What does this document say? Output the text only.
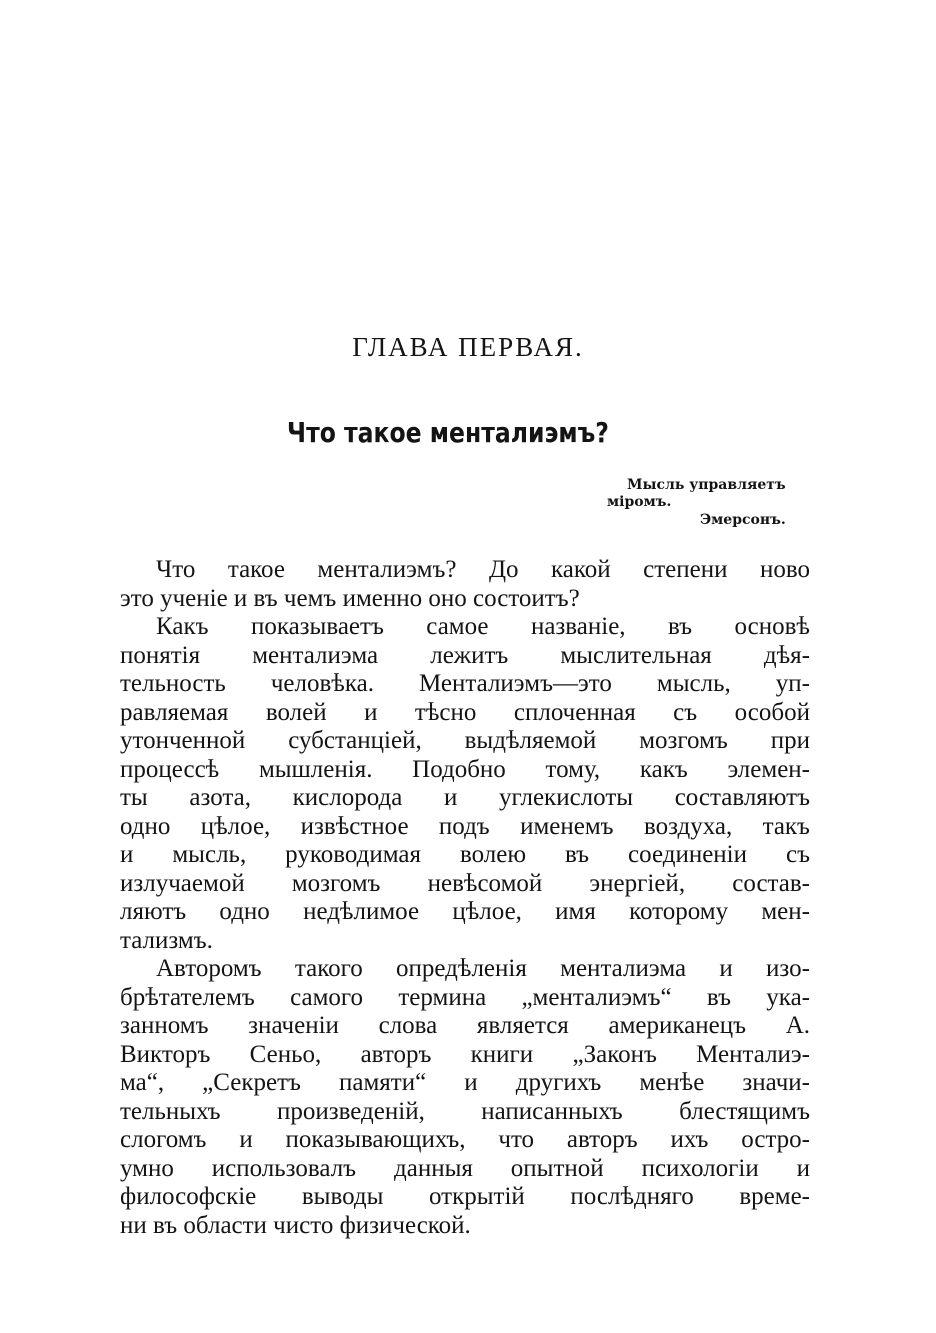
ГЛАВА ПЕРВАЯ.
Что такое менталиэмъ?
Мысль управляетъ
міромъ.
Эмерсонъ.
Что такое менталиэмъ? До какой степени ново
это ученіе и въ чемъ именно оно состоитъ?
Какъ показываетъ самое названіе, въ основѣ
понятія менталиэма лежитъ мыслительная дѣя-
тельность человѣка. Менталиэмъ—это мысль, уп-
равляемая волей и тѣсно сплоченная съ особой
утонченной субстанціей, выдѣляемой мозгомъ при
процессѣ мышленія. Подобно тому, какъ элемен-
ты азота, кислорода и углекислоты составляютъ
одно цѣлое, извѣстное подъ именемъ воздуха, такъ
и мысль, руководимая волею въ соединеніи съ
излучаемой мозгомъ невѣсомой энергіей, состав-
ляютъ одно недѣлимое цѣлое, имя которому мен-
тализмъ.
Авторомъ такого опредѣленія менталиэма и изо-
брѣтателемъ самого термина „менталиэмъ“ въ ука-
занномъ значеніи слова является американецъ А.
Викторъ Сеньо, авторъ книги „Законъ Менталиэ-
ма“, „Секретъ памяти“ и другихъ менѣе значи-
тельныхъ произведеній, написанныхъ блестящимъ
слогомъ и показывающихъ, что авторъ ихъ остро-
умно использовалъ данныя опытной психологіи и
философскіе выводы открытій послѣдняго време-
ни въ области чисто физической.
